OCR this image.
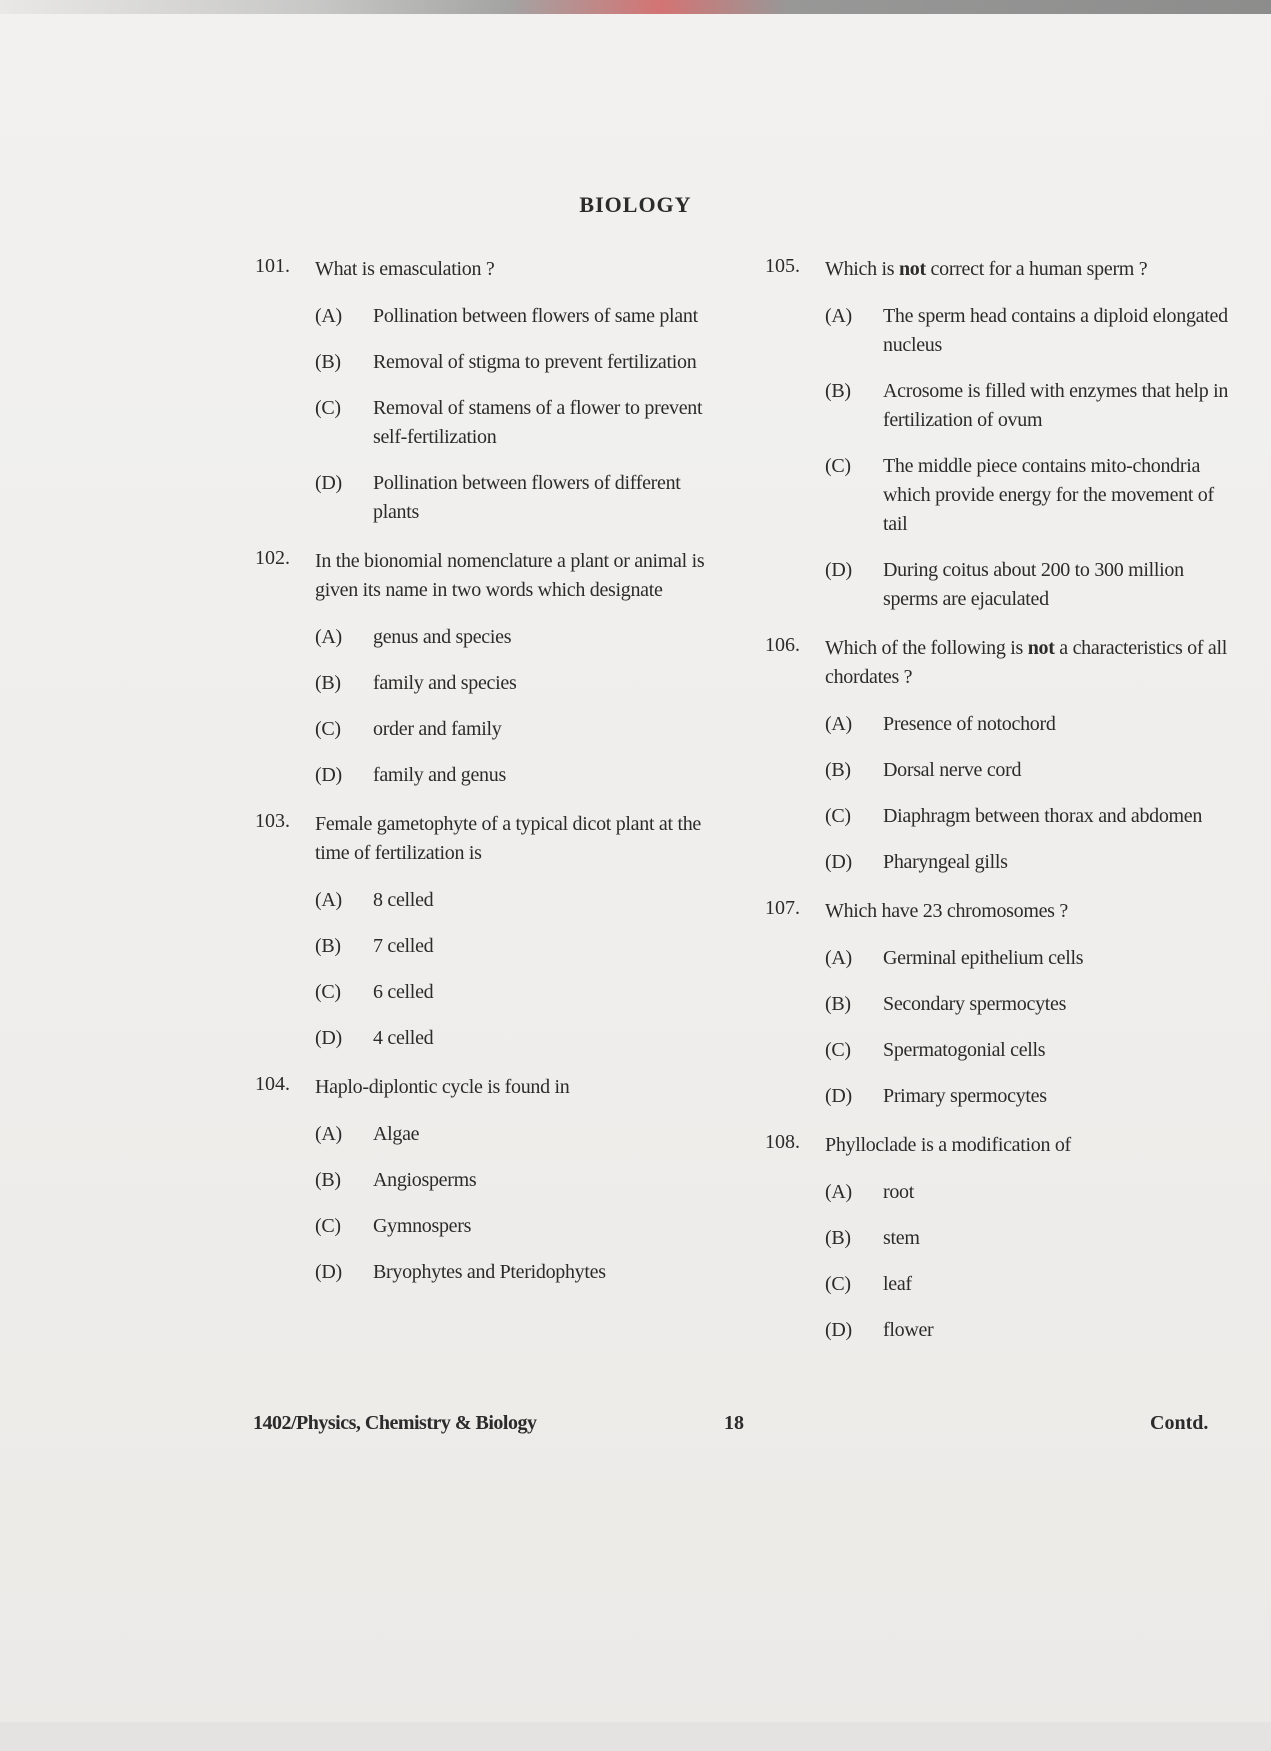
BIOLOGY
101. What is emasculation ?
(A) Pollination between flowers of same plant
(B) Removal of stigma to prevent fertilization
(C) Removal of stamens of a flower to prevent self-fertilization
(D) Pollination between flowers of different plants
102. In the bionomial nomenclature a plant or animal is given its name in two words which designate
(A) genus and species
(B) family and species
(C) order and family
(D) family and genus
103. Female gametophyte of a typical dicot plant at the time of fertilization is
(A) 8 celled
(B) 7 celled
(C) 6 celled
(D) 4 celled
104. Haplo-diplontic cycle is found in
(A) Algae
(B) Angiosperms
(C) Gymnospers
(D) Bryophytes and Pteridophytes
105. Which is not correct for a human sperm ?
(A) The sperm head contains a diploid elongated nucleus
(B) Acrosome is filled with enzymes that help in fertilization of ovum
(C) The middle piece contains mito-chondria which provide energy for the movement of tail
(D) During coitus about 200 to 300 million sperms are ejaculated
106. Which of the following is not a characteristics of all chordates ?
(A) Presence of notochord
(B) Dorsal nerve cord
(C) Diaphragm between thorax and abdomen
(D) Pharyngeal gills
107. Which have 23 chromosomes ?
(A) Germinal epithelium cells
(B) Secondary spermocytes
(C) Spermatogonial cells
(D) Primary spermocytes
108. Phylloclade is a modification of
(A) root
(B) stem
(C) leaf
(D) flower
1402/Physics, Chemistry & Biology	18	Contd.
